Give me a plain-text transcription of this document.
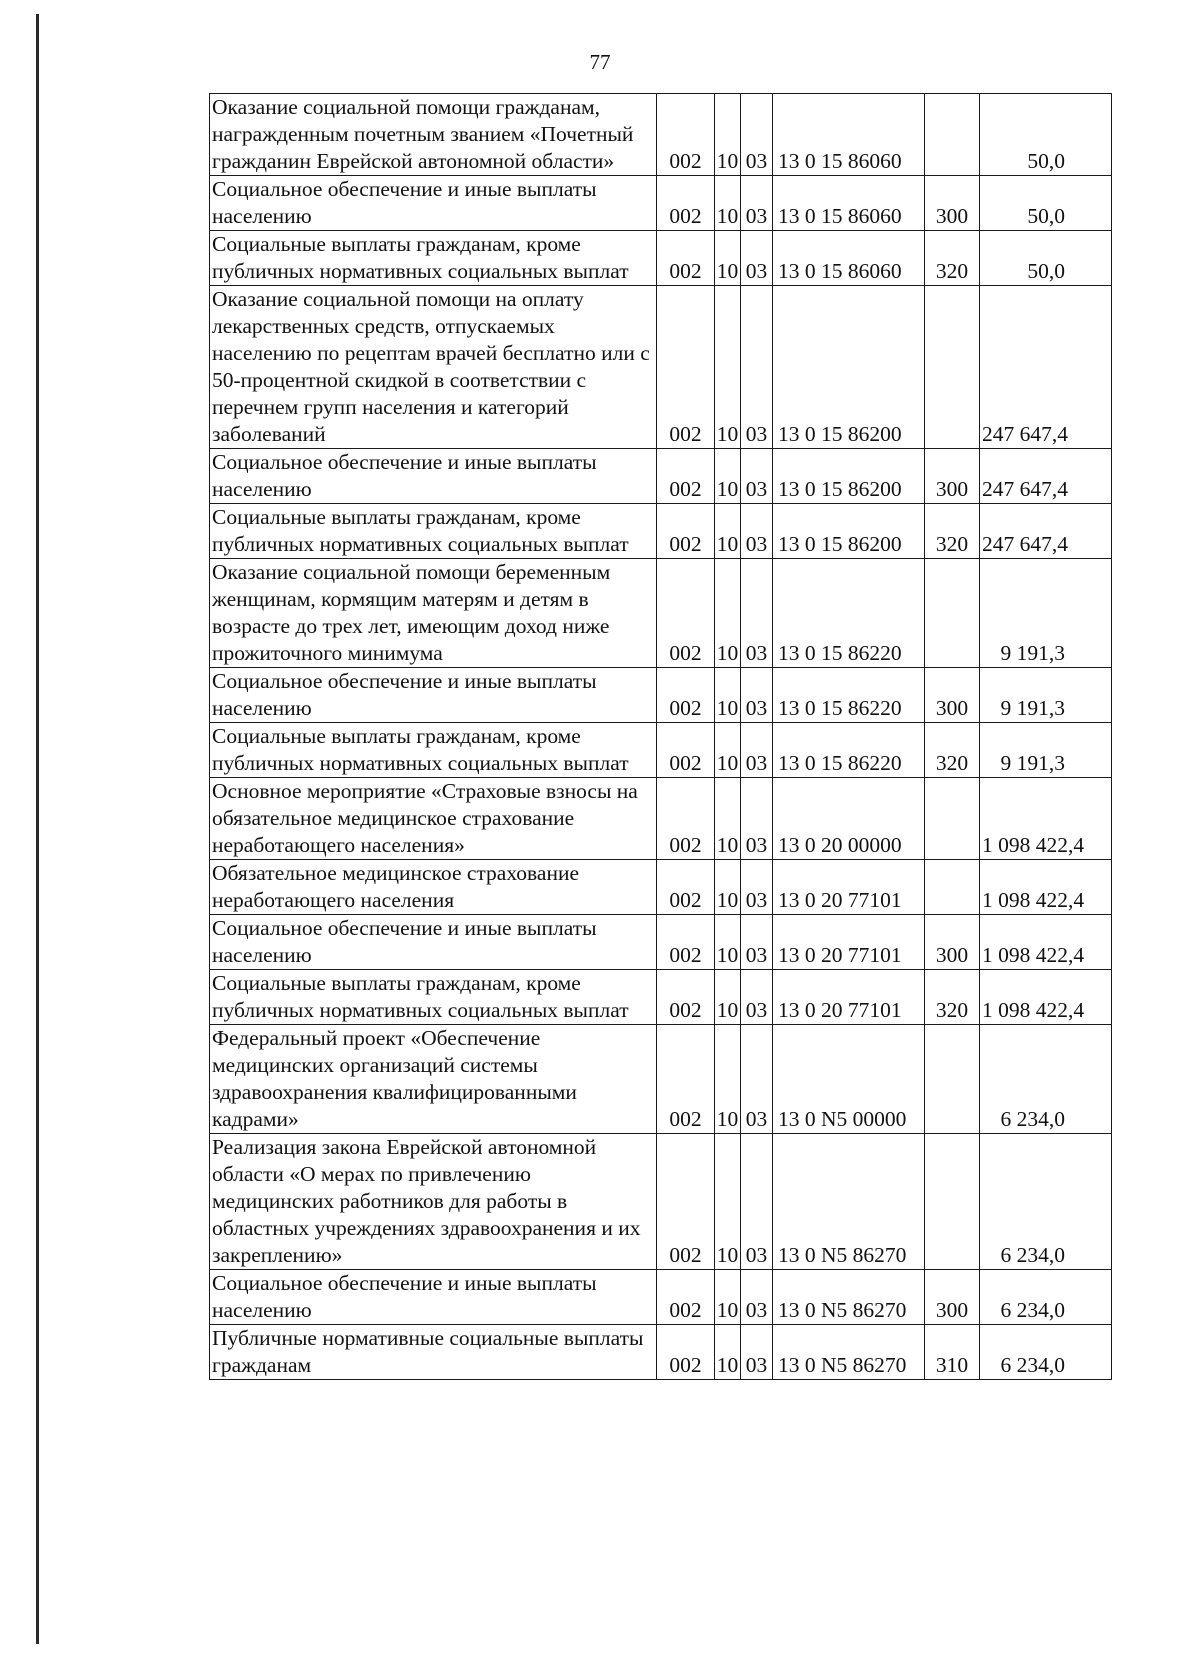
77
Оказание социальной помощи гражданам, награжденным почетным званием «Почетный гражданин Еврейской автономной области»	002	10	03	13 0 15 86060		50,0
Социальное обеспечение и иные выплаты населению	002	10	03	13 0 15 86060	300	50,0
Социальные выплаты гражданам, кроме публичных нормативных социальных выплат	002	10	03	13 0 15 86060	320	50,0
Оказание социальной помощи на оплату лекарственных средств, отпускаемых населению по рецептам врачей бесплатно или с 50-процентной скидкой в соответствии с перечнем групп населения и категорий заболеваний	002	10	03	13 0 15 86200		247 647,4
Социальное обеспечение и иные выплаты населению	002	10	03	13 0 15 86200	300	247 647,4
Социальные выплаты гражданам, кроме публичных нормативных социальных выплат	002	10	03	13 0 15 86200	320	247 647,4
Оказание социальной помощи беременным женщинам, кормящим матерям и детям в возрасте до трех лет, имеющим доход ниже прожиточного минимума	002	10	03	13 0 15 86220		9 191,3
Социальное обеспечение и иные выплаты населению	002	10	03	13 0 15 86220	300	9 191,3
Социальные выплаты гражданам, кроме публичных нормативных социальных выплат	002	10	03	13 0 15 86220	320	9 191,3
Основное мероприятие «Страховые взносы на обязательное медицинское страхование неработающего населения»	002	10	03	13 0 20 00000		1 098 422,4
Обязательное медицинское страхование неработающего населения	002	10	03	13 0 20 77101		1 098 422,4
Социальное обеспечение и иные выплаты населению	002	10	03	13 0 20 77101	300	1 098 422,4
Социальные выплаты гражданам, кроме публичных нормативных социальных выплат	002	10	03	13 0 20 77101	320	1 098 422,4
Федеральный проект «Обеспечение медицинских организаций системы здравоохранения квалифицированными кадрами»	002	10	03	13 0 N5 00000		6 234,0
Реализация закона Еврейской автономной области «О мерах по привлечению медицинских работников для работы в областных учреждениях здравоохранения и их закреплению»	002	10	03	13 0 N5 86270		6 234,0
Социальное обеспечение и иные выплаты населению	002	10	03	13 0 N5 86270	300	6 234,0
Публичные нормативные социальные выплаты гражданам	002	10	03	13 0 N5 86270	310	6 234,0
